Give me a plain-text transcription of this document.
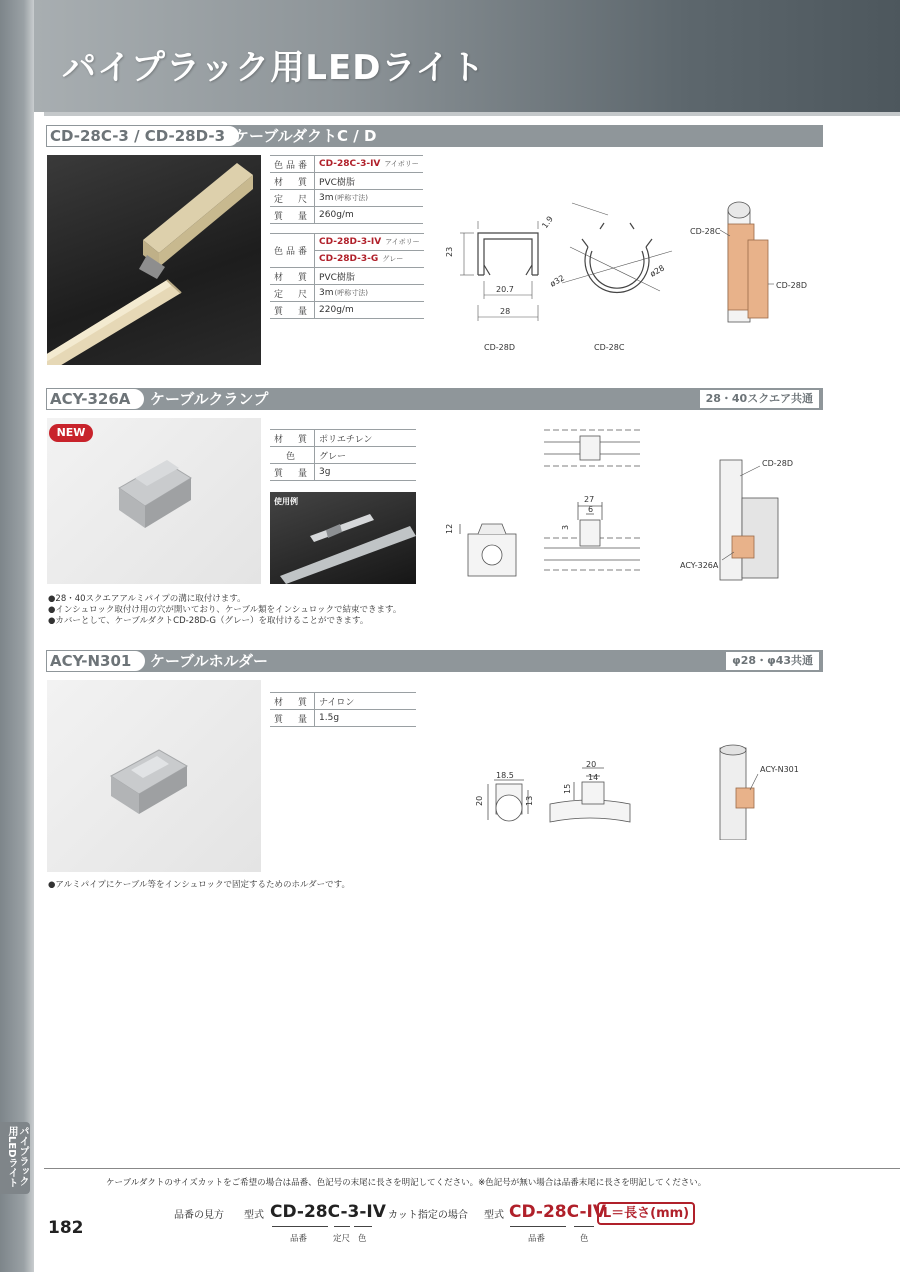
パイプラック用LEDライト
パイプラック用LEDライト
CD-28C-3 / CD-28D-3 ケーブルダクトC / D
色品番	CD-28C-3-IV アイボリー
材　質	PVC樹脂
定　尺	3m(呼称寸法)
質　量	260g/m
色品番	CD-28D-3-IV アイボリー
	CD-28D-3-G グレー
材　質	PVC樹脂
定　尺	3m(呼称寸法)
質　量	220g/m
23
20.7
28
CD-28D
1.9
ø32
ø28
CD-28C
CD-28C
CD-28D
ACY-326A	ケーブルクランプ	28・40スクエア共通
NEW
材　質	ポリエチレン
色	グレー
質　量	3g
使用例
12
27
6
3
CD-28D
ACY-326A
●28・40スクエアアルミパイプの溝に取付けます。
●インシュロック取付け用の穴が開いており、ケーブル類をインシュロックで結束できます。
●カバーとして、ケーブルダクトCD-28D-G（グレー）を取付けることができます。
ACY-N301	ケーブルホルダー	φ28・φ43共通
材　質	ナイロン
質　量	1.5g
18.5
20	13
20
14
15
ACY-N301
●アルミパイプにケーブル等をインシュロックで固定するためのホルダーです。
ケーブルダクトのサイズカットをご希望の場合は品番、色記号の末尾に長さを明記してください。※色記号が無い場合は品番末尾に長さを明記してください。
182
品番の見方 型式 CD-28C-3-IV
品番	定尺 色
カット指定の場合 型式 CD-28C-IV
L＝長さ(mm)
品番	色
